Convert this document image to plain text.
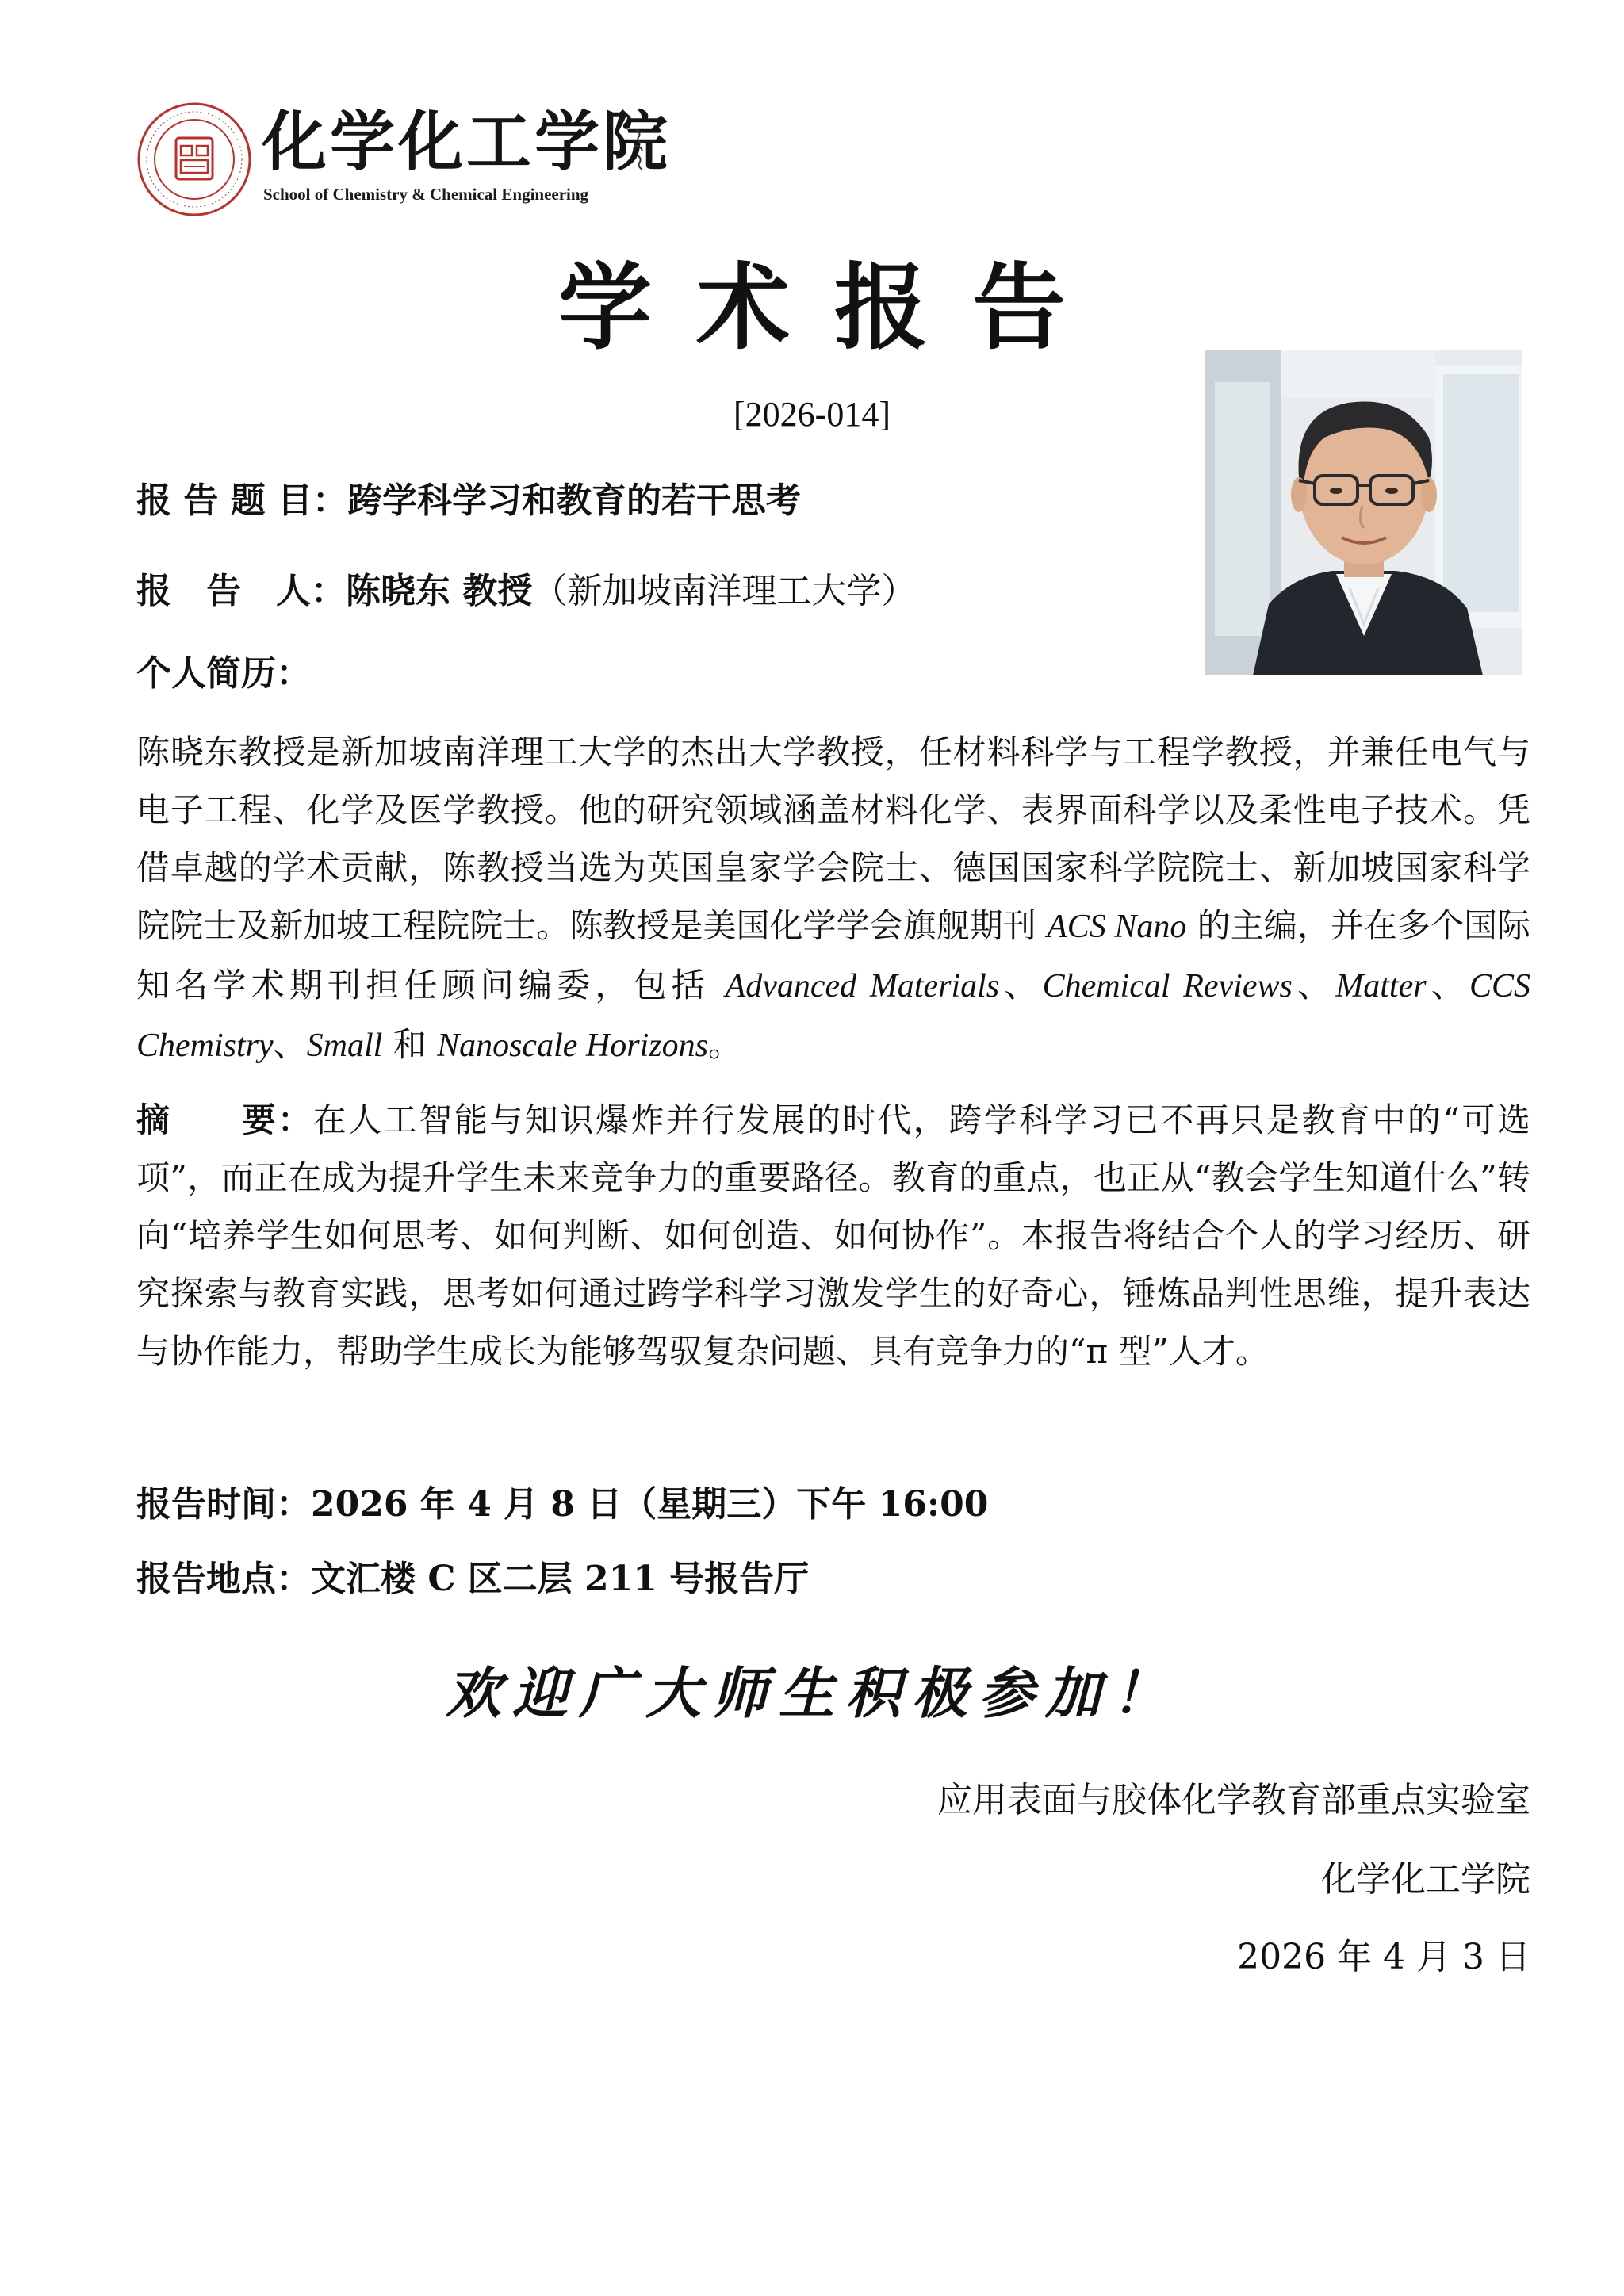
化学化工学院
School of Chemistry & Chemical Engineering
学术报告
[2026-014]
报 告 题 目：跨学科学习和教育的若干思考
报　告　人：陈晓东 教授（新加坡南洋理工大学）
个人简历：
陈晓东教授是新加坡南洋理工大学的杰出大学教授，任材料科学与工程学教授，并兼任电气与电子工程、化学及医学教授。他的研究领域涵盖材料化学、表界面科学以及柔性电子技术。凭借卓越的学术贡献，陈教授当选为英国皇家学会院士、德国国家科学院院士、新加坡国家科学院院士及新加坡工程院院士。陈教授是美国化学学会旗舰期刊 ACS Nano 的主编，并在多个国际知名学术期刊担任顾问编委，包括 Advanced Materials、Chemical Reviews、Matter、CCS Chemistry、Small 和 Nanoscale Horizons。
摘　　要：在人工智能与知识爆炸并行发展的时代，跨学科学习已不再只是教育中的“可选项”，而正在成为提升学生未来竞争力的重要路径。教育的重点，也正从“教会学生知道什么”转向“培养学生如何思考、如何判断、如何创造、如何协作”。本报告将结合个人的学习经历、研究探索与教育实践，思考如何通过跨学科学习激发学生的好奇心，锤炼品判性思维，提升表达与协作能力，帮助学生成长为能够驾驭复杂问题、具有竞争力的“π 型”人才。
报告时间：2026 年 4 月 8 日（星期三）下午 16:00
报告地点：文汇楼 C 区二层 211 号报告厅
欢迎广大师生积极参加！
应用表面与胶体化学教育部重点实验室
化学化工学院
2026 年 4 月 3 日
